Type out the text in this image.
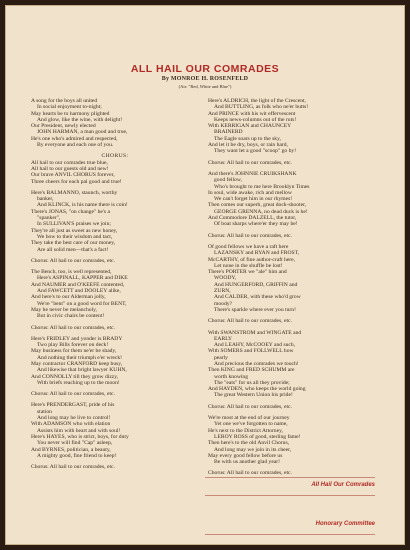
ALL HAIL OUR COMRADES
By MONROE H. ROSENFELD
(Air: "Red, White and Blue")
A song for the boys all united
In social enjoyment to-night;
May hearts be to harmony plighted
And glow, like the wine, with delight!
Our President, newly elected
JOHN HARMAN, a man good and true,
He's one who's admired and respected,
By everyone and each one of you.
CHORUS:
All hail to our comrades true blue,
All hail to our guests old and new!
Our brave ANVIL CHORUS forever,
Three cheers for each pal good and true!
Here's BALMANNO, staunch, worthy
banker,
And KLINCK, is his name there is coin!
There's JONAS, "on change" he's a
"spanker",
In SULLIVAN'S praises we join;
They're all just as sweet as new honey,
We bow to their wisdom and tact,
They take the best care of our money,
Are all solid men—that's a fact!
Chorus: All hail to our comrades, etc.
The Bench, too, is well represented,
Here's ASPINALL, KAPPER and DIKE
And NAUMER and O'KEEFE contented,
And FAWCETT and DOOLEY alike,
And here's to our Alderman jolly,
We're "bent" on a good word for BENT,
May he never be melancholy,
But in civic chairs be content!
Chorus: All hail to our comrades, etc.
Here's FRIDLEY and yonder is BRADY
Two play Bills forever on deck!
May business for them ne'er be shady,
And nothing their triumph e'er wreck!
May contractor CRANFORD keep busy,
And likewise that bright lawyer KUHN,
And CONNOLLY till they grow dizzy,
With briefs reaching up to the moon!
Chorus: All hail to our comrades, etc.
Here's PRENDERGAST, pride of his
station
And long may he live to control!
With ADAMSON who with elation
Assists him with heart and with soul!
Here's HAYES, who is strict, boys, for duty
You never will find "Cap" asleep,
And BYRNES, politician, a beauty,
A mighty good, fine friend to keep!
Chorus: All hail to our comrades, etc.
Here's ALDRICH, the light of the Crescent,
And BUTTLING, as folk who ne'er butts!
And PRINCE with his wit effervescent
Keeps news-columns out of the ruts!
With KERRIGAN and CHAUNCEY
BRAINERD
The Eagle soars up to the sky,
And let it be dry, boys, or rain hard,
They want let a good "scoop" go by!
Chorus: All hail to our comrades, etc.
And there's JOHNNIE CRUIKSHANK
good fellow,
Who's brought to me here Brooklyn Times
In soul, wide awake, rich and mellow
We can't forget him in our rhymes!
Then comes our superb, great dock-shooter,
GEORGE GRENNA, no dead duck is he!
And Commodore DALZELL, the tutor,
Of boat sharps where'er they may be!
Chorus: All hail to our comrades, etc.
Of good fellows we have a raft here
LAZANSKY and RYAN and FROST,
McCARTHY, of fine author-craft here,
Let none in the shuffle be lost!
There's PORTER we "ale" him and
WOODY,
And HUNGERFORD, GRIFFIN and
ZURN,
And CALDER, with these who'd grow
moody?
There's sparkle where ever you turn!
Chorus: All hail to our comrades, etc.
With SWANSTROM and WINGATE and
EARLY
And LEAHY, McCOOEY and such,
With SOMERS and FOLLWELL how
pearly
And precious the comrades we touch!
Then KING and FRED SCHUMM are
worth knowing
The "eats" for us all they provide;
And HAYDEN, who keeps the world going
The great Western Union his pride!
Chorus: All hail to our comrades, etc.
We're most at the end of our journey
Yet one we've forgotten to name,
He's next to the District Attorney,
LEROY ROSS of good, sterling fame!
Then here's to the old Anvil Chorus,
And long may we join in its cheer,
May every good fellow before us
Be with us another glad year!
Chorus: All hail to our comrades, etc.
All Hail Our Comrades
Honorary Committee
